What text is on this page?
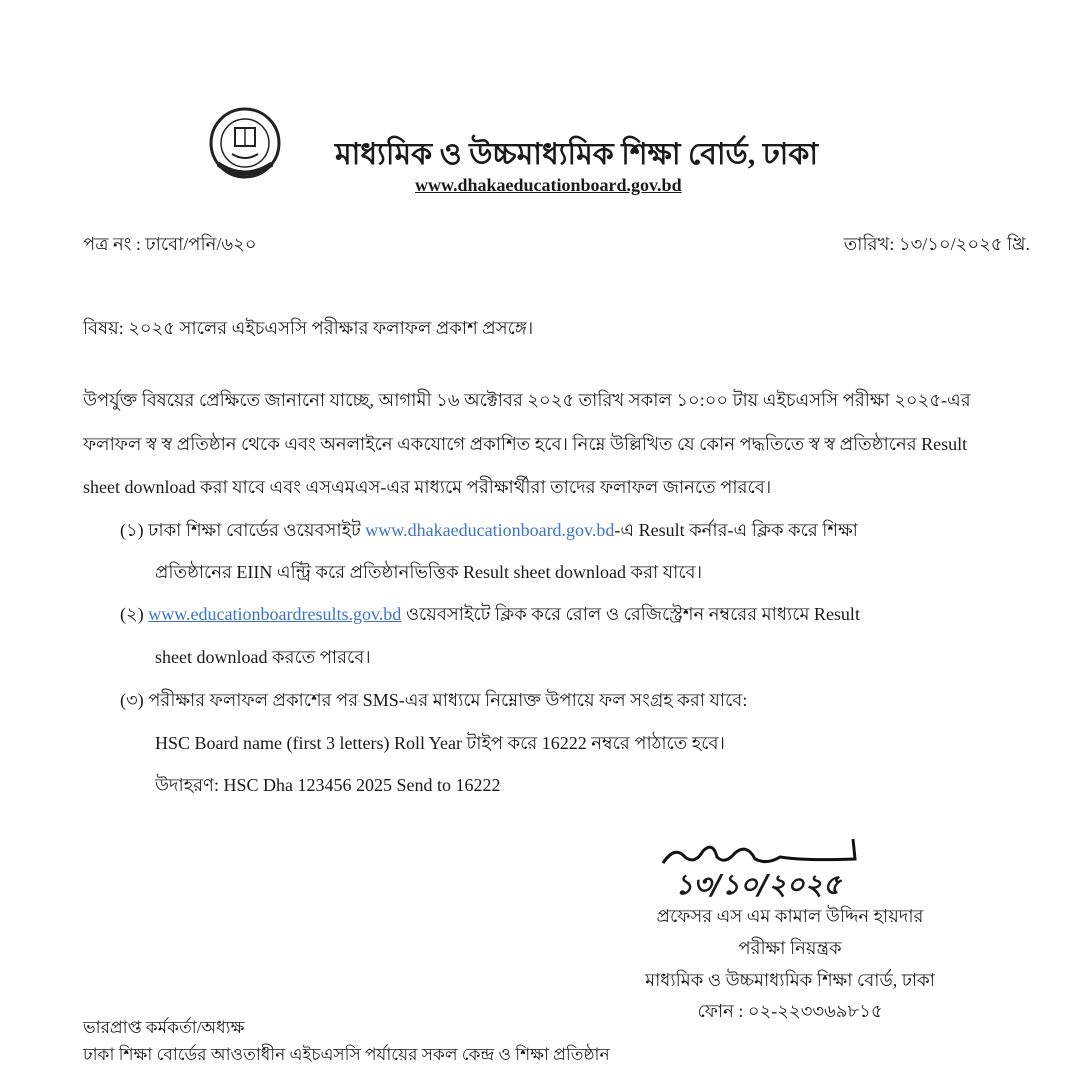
মাধ্যমিক ও উচ্চমাধ্যমিক শিক্ষা বোর্ড, ঢাকা
www.dhakaeducationboard.gov.bd
পত্র নং : ঢাবো/পনি/৬২০	তারিখ: ১৩/১০/২০২৫ খ্রি.
বিষয়: ২০২৫ সালের এইচএসসি পরীক্ষার ফলাফল প্রকাশ প্রসঙ্গে।
উপর্যুক্ত বিষয়ের প্রেক্ষিতে জানানো যাচ্ছে, আগামী ১৬ অক্টোবর ২০২৫ তারিখ সকাল ১০:০০ টায় এইচএসসি পরীক্ষা ২০২৫-এর
ফলাফল স্ব স্ব প্রতিষ্ঠান থেকে এবং অনলাইনে একযোগে প্রকাশিত হবে। নিম্নে উল্লিখিত যে কোন পদ্ধতিতে স্ব স্ব প্রতিষ্ঠানের Result
sheet download করা যাবে এবং এসএমএস-এর মাধ্যমে পরীক্ষার্থীরা তাদের ফলাফল জানতে পারবে।
(১) ঢাকা শিক্ষা বোর্ডের ওয়েবসাইট www.dhakaeducationboard.gov.bd-এ Result কর্নার-এ ক্লিক করে শিক্ষা
প্রতিষ্ঠানের EIIN এন্ট্রি করে প্রতিষ্ঠানভিত্তিক Result sheet download করা যাবে।
(২) www.educationboardresults.gov.bd ওয়েবসাইটে ক্লিক করে রোল ও রেজিস্ট্রেশন নম্বরের মাধ্যমে Result
sheet download করতে পারবে।
(৩) পরীক্ষার ফলাফল প্রকাশের পর SMS-এর মাধ্যমে নিম্নোক্ত উপায়ে ফল সংগ্রহ করা যাবে:
HSC Board name (first 3 letters) Roll Year টাইপ করে 16222 নম্বরে পাঠাতে হবে।
উদাহরণ: HSC Dha 123456 2025 Send to 16222
১৩/১০/২০২৫
প্রফেসর এস এম কামাল উদ্দিন হায়দার
পরীক্ষা নিয়ন্ত্রক
মাধ্যমিক ও উচ্চমাধ্যমিক শিক্ষা বোর্ড, ঢাকা
ফোন : ০২-২২৩৩৬৯৮১৫
ভারপ্রাপ্ত কর্মকর্তা/অধ্যক্ষ
ঢাকা শিক্ষা বোর্ডের আওতাধীন এইচএসসি পর্যায়ের সকল কেন্দ্র ও শিক্ষা প্রতিষ্ঠান
